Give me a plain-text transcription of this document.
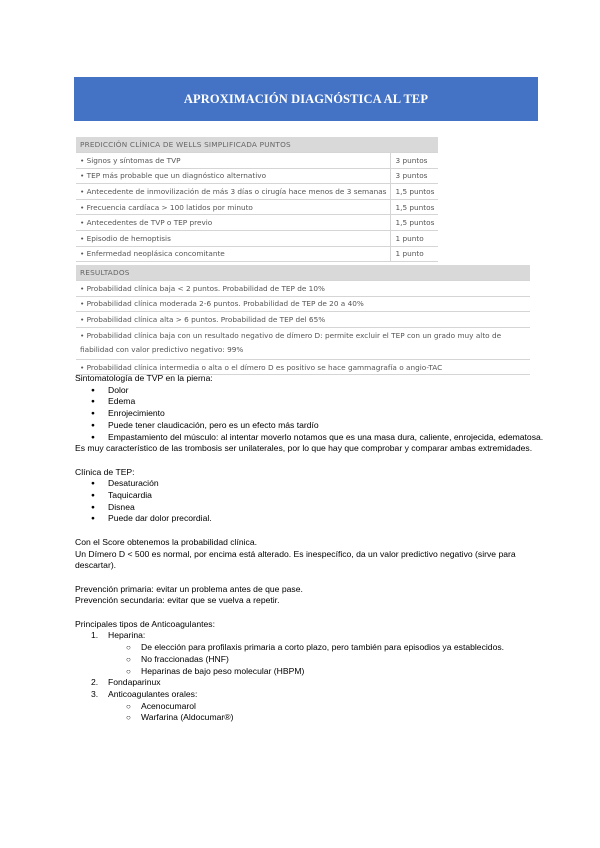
APROXIMACIÓN DIAGNÓSTICA AL TEP
PREDICCIÓN CLÍNICA DE WELLS SIMPLIFICADA PUNTOS	
• Signos y síntomas de TVP	3 puntos
• TEP más probable que un diagnóstico alternativo	3 puntos
• Antecedente de inmovilización de más 3 días o cirugía hace menos de 3 semanas	1,5 puntos
• Frecuencia cardíaca > 100 latidos por minuto	1,5 puntos
• Antecedentes de TVP o TEP previo	1,5 puntos
• Episodio de hemoptisis	1 punto
• Enfermedad neoplásica concomitante	1 punto
RESULTADOS
• Probabilidad clínica baja < 2 puntos. Probabilidad de TEP de 10%
• Probabilidad clínica moderada 2-6 puntos. Probabilidad de TEP de 20 a 40%
• Probabilidad clínica alta > 6 puntos. Probabilidad de TEP del 65%
• Probabilidad clínica baja con un resultado negativo de dímero D: permite excluir el TEP con un grado muy alto de fiabilidad con valor predictivo negativo: 99%
• Probabilidad clínica intermedia o alta o el dímero D es positivo se hace gammagrafía o angio-TAC

Sintomatología de TVP en la pierna:

● Dolor
● Edema
● Enrojecimiento
● Puede tener claudicación, pero es un efecto más tardío
● Empastamiento del músculo: al intentar moverlo notamos que es una masa dura, caliente, enrojecida, edematosa.

Es muy característico de las trombosis ser unilaterales, por lo que hay que comprobar y comparar ambas extremidades.

Clínica de TEP:

● Desaturación
● Taquicardia
● Disnea
● Puede dar dolor precordial.

Con el Score obtenemos la probabilidad clínica.

Un Dímero D < 500 es normal, por encima está alterado. Es inespecífico, da un valor predictivo negativo (sirve para descartar).

Prevención primaria: evitar un problema antes de que pase.

Prevención secundaria: evitar que se vuelva a repetir.

Principales tipos de Anticoagulantes:

1. Heparina:
○ De elección para profilaxis primaria a corto plazo, pero también para episodios ya establecidos.
○ No fraccionadas (HNF)
○ Heparinas de bajo peso molecular (HBPM)
2. Fondaparinux
3. Anticoagulantes orales:
○ Acenocumarol
○ Warfarina (Aldocumar®)
